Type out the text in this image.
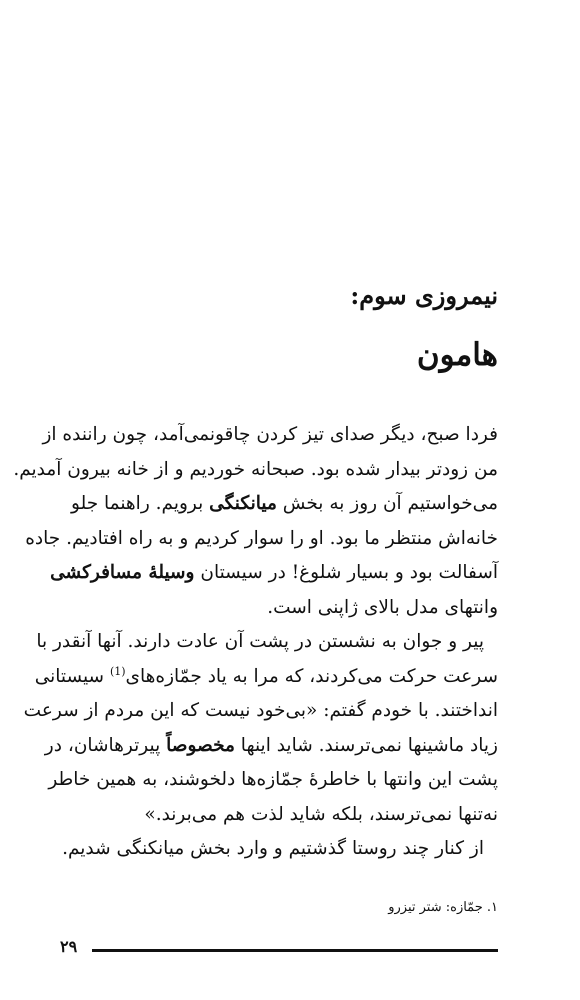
نیمروزی سوم:
هامون
فردا صبح، دیگر صدای تیز کردن چاقونمی‌آمد، چون راننده از
من زودتر بیدار شده بود. صبحانه خوردیم و از خانه بیرون آمدیم.
می‌خواستیم آن روز به بخش میانکنگی برویم. راهنما جلو
خانه‌اش منتظر ما بود. او را سوار کردیم و به راه افتادیم. جاده
آسفالت بود و بسیار شلوغ! در سیستان وسیلهٔ مسافرکشی
وانتهای مدل بالای ژاپنی است.
پیر و جوان به نشستن در پشت آن عادت دارند. آنها آنقدر با
سرعت حرکت می‌کردند، که مرا به یاد جمّازه‌های$^{(1)}$ سیستانی
انداختند. با خودم گفتم: «بی‌خود نیست که این مردم از سرعت
زیاد ماشینها نمی‌ترسند. شاید اینها مخصوصاً پیرترهاشان، در
پشت این وانتها با خاطرهٔ جمّازه‌ها دلخوشند، به همین خاطر
نه‌تنها نمی‌ترسند، بلکه شاید لذت هم می‌برند.»
از کنار چند روستا گذشتیم و وارد بخش میانکنگی شدیم.
۱. جمّازه: شتر تیزرو
۲۹
